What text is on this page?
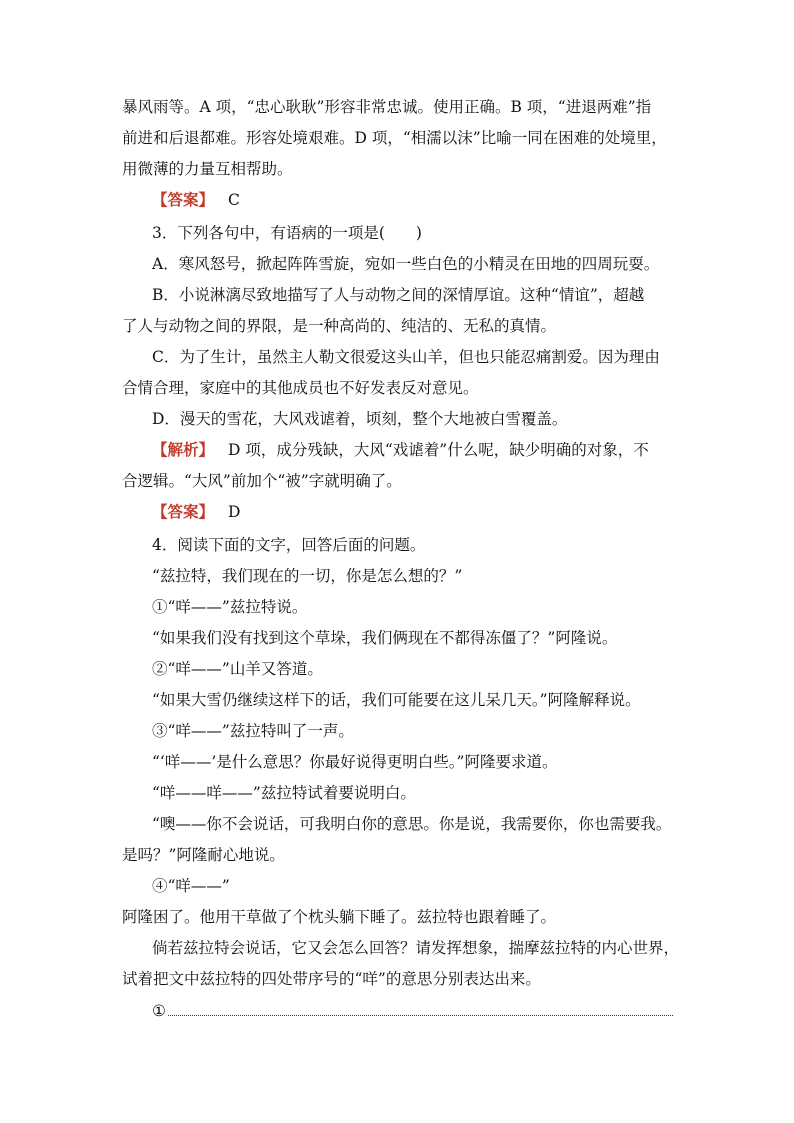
暴风雨等。A 项，“忠心耿耿”形容非常忠诚。使用正确。B 项，“进退两难”指
前进和后退都难。形容处境艰难。D 项，“相濡以沫”比喻一同在困难的处境里，
用微薄的力量互相帮助。
【答案】 C
3．下列各句中，有语病的一项是(　　)
A．寒风怒号，掀起阵阵雪旋，宛如一些白色的小精灵在田地的四周玩耍。
B．小说淋漓尽致地描写了人与动物之间的深情厚谊。这种“情谊”，超越
了人与动物之间的界限，是一种高尚的、纯洁的、无私的真情。
C．为了生计，虽然主人勒文很爱这头山羊，但也只能忍痛割爱。因为理由
合情合理，家庭中的其他成员也不好发表反对意见。
D．漫天的雪花，大风戏谑着，顷刻，整个大地被白雪覆盖。
【解析】 D 项，成分残缺，大风“戏谑着”什么呢，缺少明确的对象，不
合逻辑。“大风”前加个“被”字就明确了。
【答案】 D
4．阅读下面的文字，回答后面的问题。
“兹拉特，我们现在的一切，你是怎么想的？”
①“咩——”兹拉特说。
“如果我们没有找到这个草垛，我们俩现在不都得冻僵了？”阿隆说。
②“咩——”山羊又答道。
“如果大雪仍继续这样下的话，我们可能要在这儿呆几天。”阿隆解释说。
③“咩——”兹拉特叫了一声。
“‘咩——’是什么意思？你最好说得更明白些。”阿隆要求道。
“咩——咩——”兹拉特试着要说明白。
“噢——你不会说话，可我明白你的意思。你是说，我需要你，你也需要我。
是吗？”阿隆耐心地说。
④“咩——”
阿隆困了。他用干草做了个枕头躺下睡了。兹拉特也跟着睡了。
倘若兹拉特会说话，它又会怎么回答？请发挥想象，揣摩兹拉特的内心世界，
试着把文中兹拉特的四处带序号的“咩”的意思分别表达出来。
①
